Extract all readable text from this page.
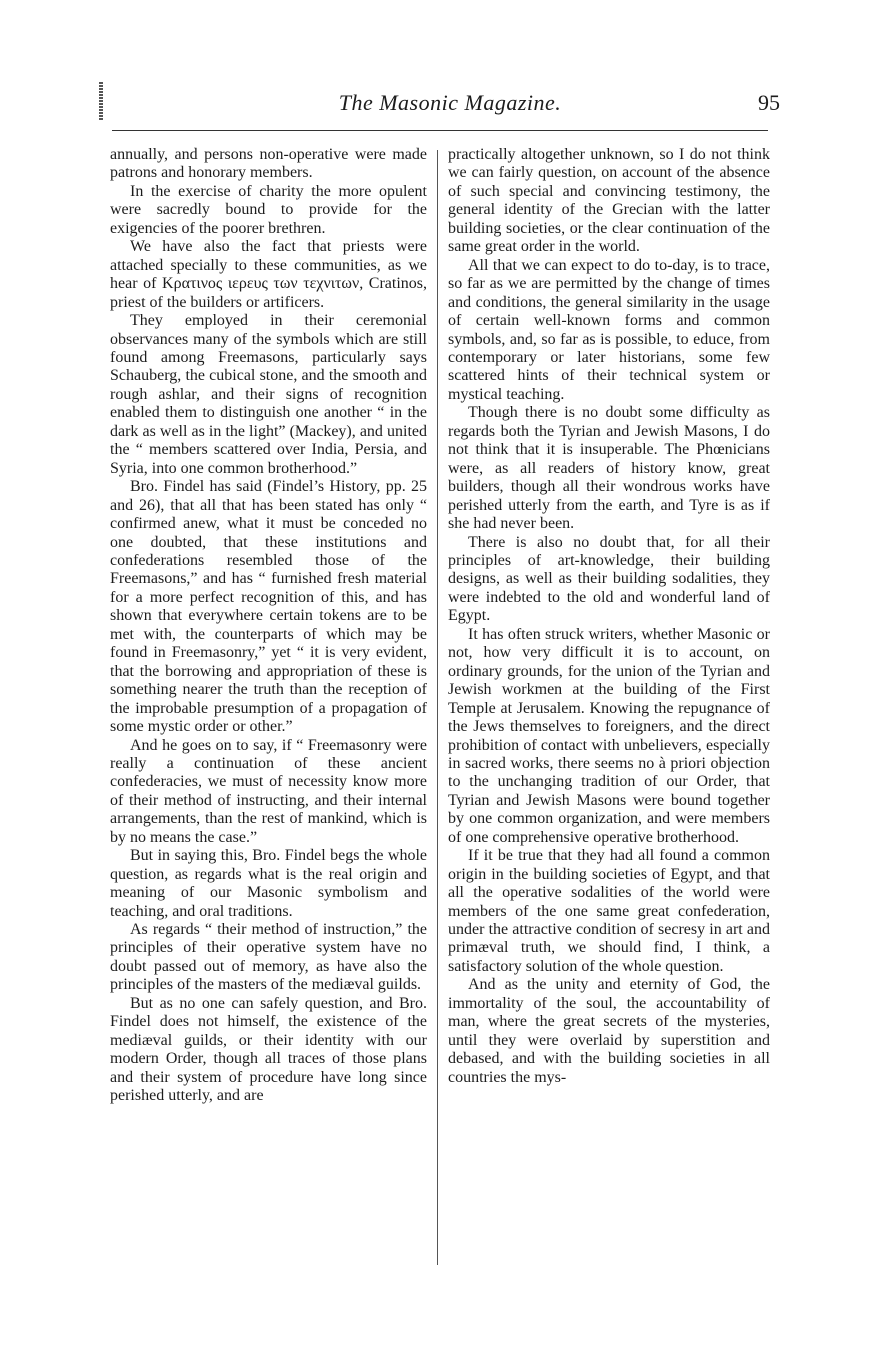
The Masonic Magazine.	95

annually, and persons non-operative were made patrons and honorary members.

In the exercise of charity the more opulent were sacredly bound to provide for the exigencies of the poorer brethren.

We have also the fact that priests were attached specially to these communities, as we hear of Κρατινος ιερευς των τεχνιτων, Cratinos, priest of the builders or artificers.

They employed in their ceremonial observances many of the symbols which are still found among Freemasons, particularly says Schauberg, the cubical stone, and the smooth and rough ashlar, and their signs of recognition enabled them to distinguish one another “ in the dark as well as in the light” (Mackey), and united the “ members scattered over India, Persia, and Syria, into one common brotherhood.”

Bro. Findel has said (Findel’s History, pp. 25 and 26), that all that has been stated has only “ confirmed anew, what it must be conceded no one doubted, that these institutions and confederations resembled those of the Freemasons,” and has “ furnished fresh material for a more perfect recognition of this, and has shown that everywhere certain tokens are to be met with, the counterparts of which may be found in Freemasonry,” yet “ it is very evident, that the borrowing and appropriation of these is something nearer the truth than the reception of the improbable presumption of a propagation of some mystic order or other.”

And he goes on to say, if “ Freemasonry were really a continuation of these ancient confederacies, we must of necessity know more of their method of instructing, and their internal arrangements, than the rest of mankind, which is by no means the case.”

But in saying this, Bro. Findel begs the whole question, as regards what is the real origin and meaning of our Masonic symbolism and teaching, and oral traditions.

As regards “ their method of instruction,” the principles of their operative system have no doubt passed out of memory, as have also the principles of the masters of the mediæval guilds.

But as no one can safely question, and Bro. Findel does not himself, the existence of the mediæval guilds, or their identity with our modern Order, though all traces of those plans and their system of procedure have long since perished utterly, and are

practically altogether unknown, so I do not think we can fairly question, on account of the absence of such special and convincing testimony, the general identity of the Grecian with the latter building societies, or the clear continuation of the same great order in the world.

All that we can expect to do to-day, is to trace, so far as we are permitted by the change of times and conditions, the general similarity in the usage of certain well-known forms and common symbols, and, so far as is possible, to educe, from contemporary or later historians, some few scattered hints of their technical system or mystical teaching.

Though there is no doubt some difficulty as regards both the Tyrian and Jewish Masons, I do not think that it is insuperable. The Phœnicians were, as all readers of history know, great builders, though all their wondrous works have perished utterly from the earth, and Tyre is as if she had never been.

There is also no doubt that, for all their principles of art-knowledge, their building designs, as well as their building sodalities, they were indebted to the old and wonderful land of Egypt.

It has often struck writers, whether Masonic or not, how very difficult it is to account, on ordinary grounds, for the union of the Tyrian and Jewish workmen at the building of the First Temple at Jerusalem. Knowing the repugnance of the Jews themselves to foreigners, and the direct prohibition of contact with unbelievers, especially in sacred works, there seems no à priori objection to the unchanging tradition of our Order, that Tyrian and Jewish Masons were bound together by one common organization, and were members of one comprehensive operative brotherhood.

If it be true that they had all found a common origin in the building societies of Egypt, and that all the operative sodalities of the world were members of the one same great confederation, under the attractive condition of secresy in art and primæval truth, we should find, I think, a satisfactory solution of the whole question.

And as the unity and eternity of God, the immortality of the soul, the accountability of man, where the great secrets of the mysteries, until they were overlaid by superstition and debased, and with the building societies in all countries the mys-
